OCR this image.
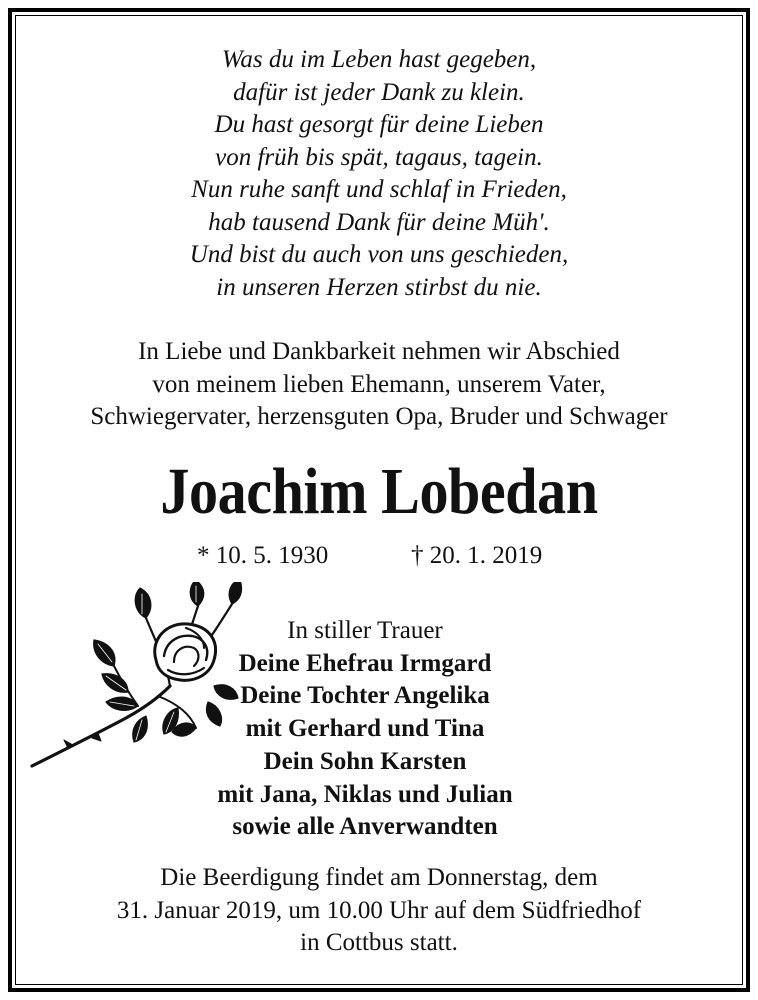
Was du im Leben hast gegeben,
dafür ist jeder Dank zu klein.
Du hast gesorgt für deine Lieben
von früh bis spät, tagaus, tagein.
Nun ruhe sanft und schlaf in Frieden,
hab tausend Dank für deine Müh'.
Und bist du auch von uns geschieden,
in unseren Herzen stirbst du nie.
In Liebe und Dankbarkeit nehmen wir Abschied
von meinem lieben Ehemann, unserem Vater,
Schwiegervater, herzensguten Opa, Bruder und Schwager
Joachim Lobedan
* 10. 5. 1930	† 20. 1. 2019
In stiller Trauer
Deine Ehefrau Irmgard
Deine Tochter Angelika
mit Gerhard und Tina
Dein Sohn Karsten
mit Jana, Niklas und Julian
sowie alle Anverwandten
Die Beerdigung findet am Donnerstag, dem
31. Januar 2019, um 10.00 Uhr auf dem Südfriedhof
in Cottbus statt.
